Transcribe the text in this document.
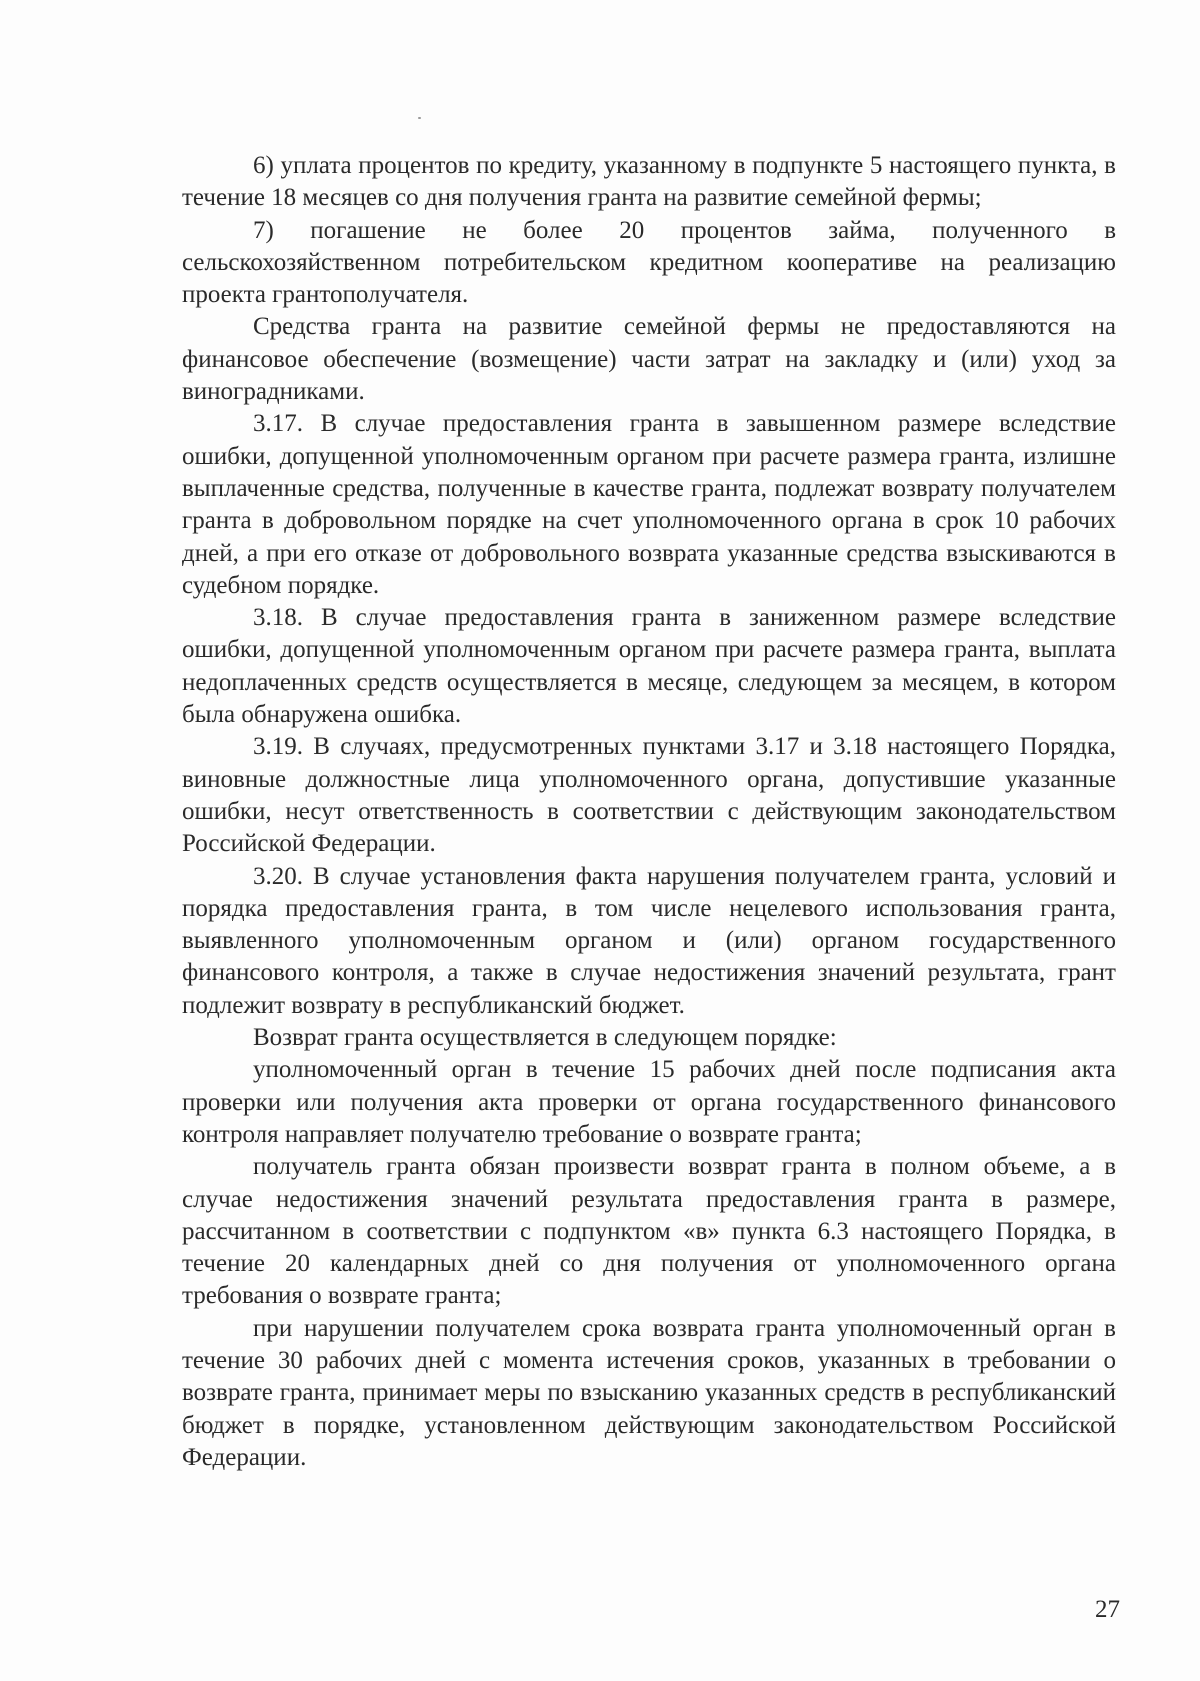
6) уплата процентов по кредиту, указанному в подпункте 5 настоящего пункта, в течение 18 месяцев со дня получения гранта на развитие семейной фермы;

7) погашение не более 20 процентов займа, полученного в сельскохозяйственном потребительском кредитном кооперативе на реализацию проекта грантополучателя.

Средства гранта на развитие семейной фермы не предоставляются на финансовое обеспечение (возмещение) части затрат на закладку и (или) уход за виноградниками.

3.17. В случае предоставления гранта в завышенном размере вследствие ошибки, допущенной уполномоченным органом при расчете размера гранта, излишне выплаченные средства, полученные в качестве гранта, подлежат возврату получателем гранта в добровольном порядке на счет уполномоченного органа в срок 10 рабочих дней, а при его отказе от добровольного возврата указанные средства взыскиваются в судебном порядке.

3.18. В случае предоставления гранта в заниженном размере вследствие ошибки, допущенной уполномоченным органом при расчете размера гранта, выплата недоплаченных средств осуществляется в месяце, следующем за месяцем, в котором была обнаружена ошибка.

3.19. В случаях, предусмотренных пунктами 3.17 и 3.18 настоящего Порядка, виновные должностные лица уполномоченного органа, допустившие указанные ошибки, несут ответственность в соответствии с действующим законодательством Российской Федерации.

3.20. В случае установления факта нарушения получателем гранта, условий и порядка предоставления гранта, в том числе нецелевого использования гранта, выявленного уполномоченным органом и (или) органом государственного финансового контроля, а также в случае недостижения значений результата, грант подлежит возврату в республиканский бюджет.

Возврат гранта осуществляется в следующем порядке:

уполномоченный орган в течение 15 рабочих дней после подписания акта проверки или получения акта проверки от органа государственного финансового контроля направляет получателю требование о возврате гранта;

получатель гранта обязан произвести возврат гранта в полном объеме, а в случае недостижения значений результата предоставления гранта в размере, рассчитанном в соответствии с подпунктом «в» пункта 6.3 настоящего Порядка, в течение 20 календарных дней со дня получения от уполномоченного органа требования о возврате гранта;

при нарушении получателем срока возврата гранта уполномоченный орган в течение 30 рабочих дней с момента истечения сроков, указанных в требовании о возврате гранта, принимает меры по взысканию указанных средств в республиканский бюджет в порядке, установленном действующим законодательством Российской Федерации.

27
